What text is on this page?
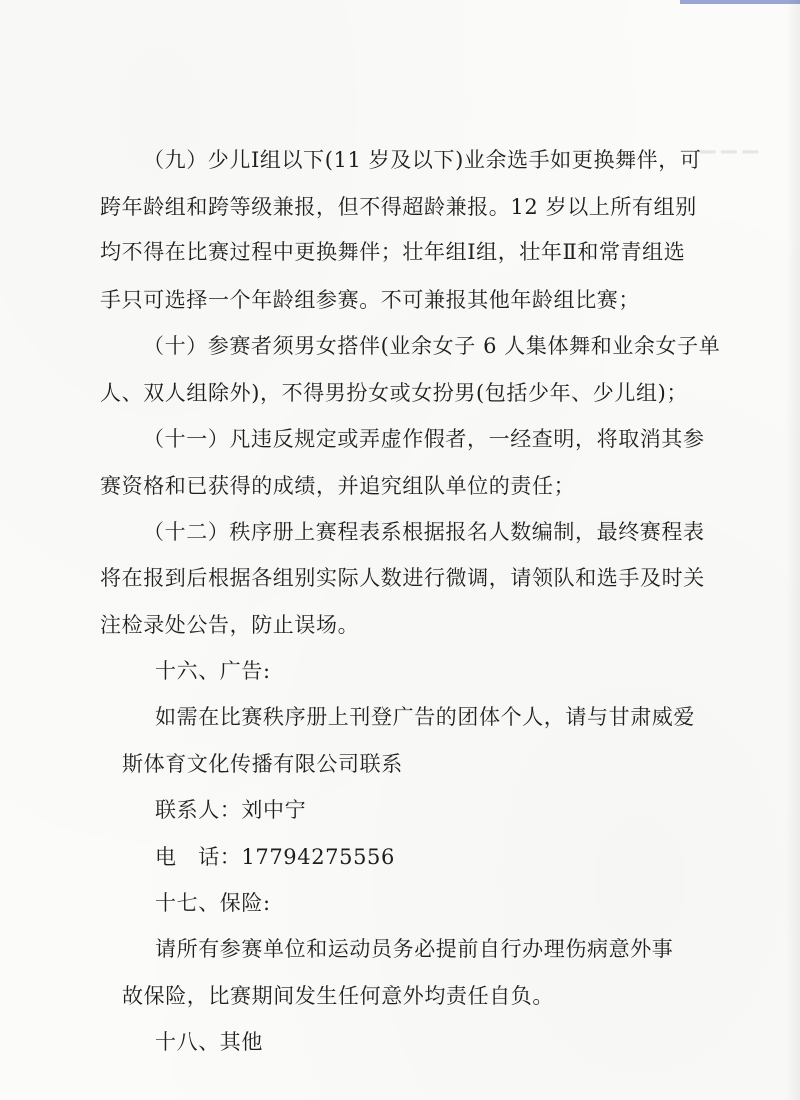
▔▔▔
（九）少儿Ⅰ组以下(11 岁及以下)业余选手如更换舞伴，可
跨年龄组和跨等级兼报，但不得超龄兼报。12 岁以上所有组别
均不得在比赛过程中更换舞伴；壮年组Ⅰ组，壮年Ⅱ和常青组选
手只可选择一个年龄组参赛。不可兼报其他年龄组比赛；
（十）参赛者须男女搭伴(业余女子 6 人集体舞和业余女子单
人、双人组除外)，不得男扮女或女扮男(包括少年、少儿组)；
（十一）凡违反规定或弄虚作假者，一经查明，将取消其参
赛资格和已获得的成绩，并追究组队单位的责任；
（十二）秩序册上赛程表系根据报名人数编制，最终赛程表
将在报到后根据各组别实际人数进行微调，请领队和选手及时关
注检录处公告，防止误场。
十六、广告:
如需在比赛秩序册上刊登广告的团体个人，请与甘肃威爱
斯体育文化传播有限公司联系
联系人：刘中宁
电　话：17794275556
十七、保险:
请所有参赛单位和运动员务必提前自行办理伤病意外事
故保险，比赛期间发生任何意外均责任自负。
十八、其他
